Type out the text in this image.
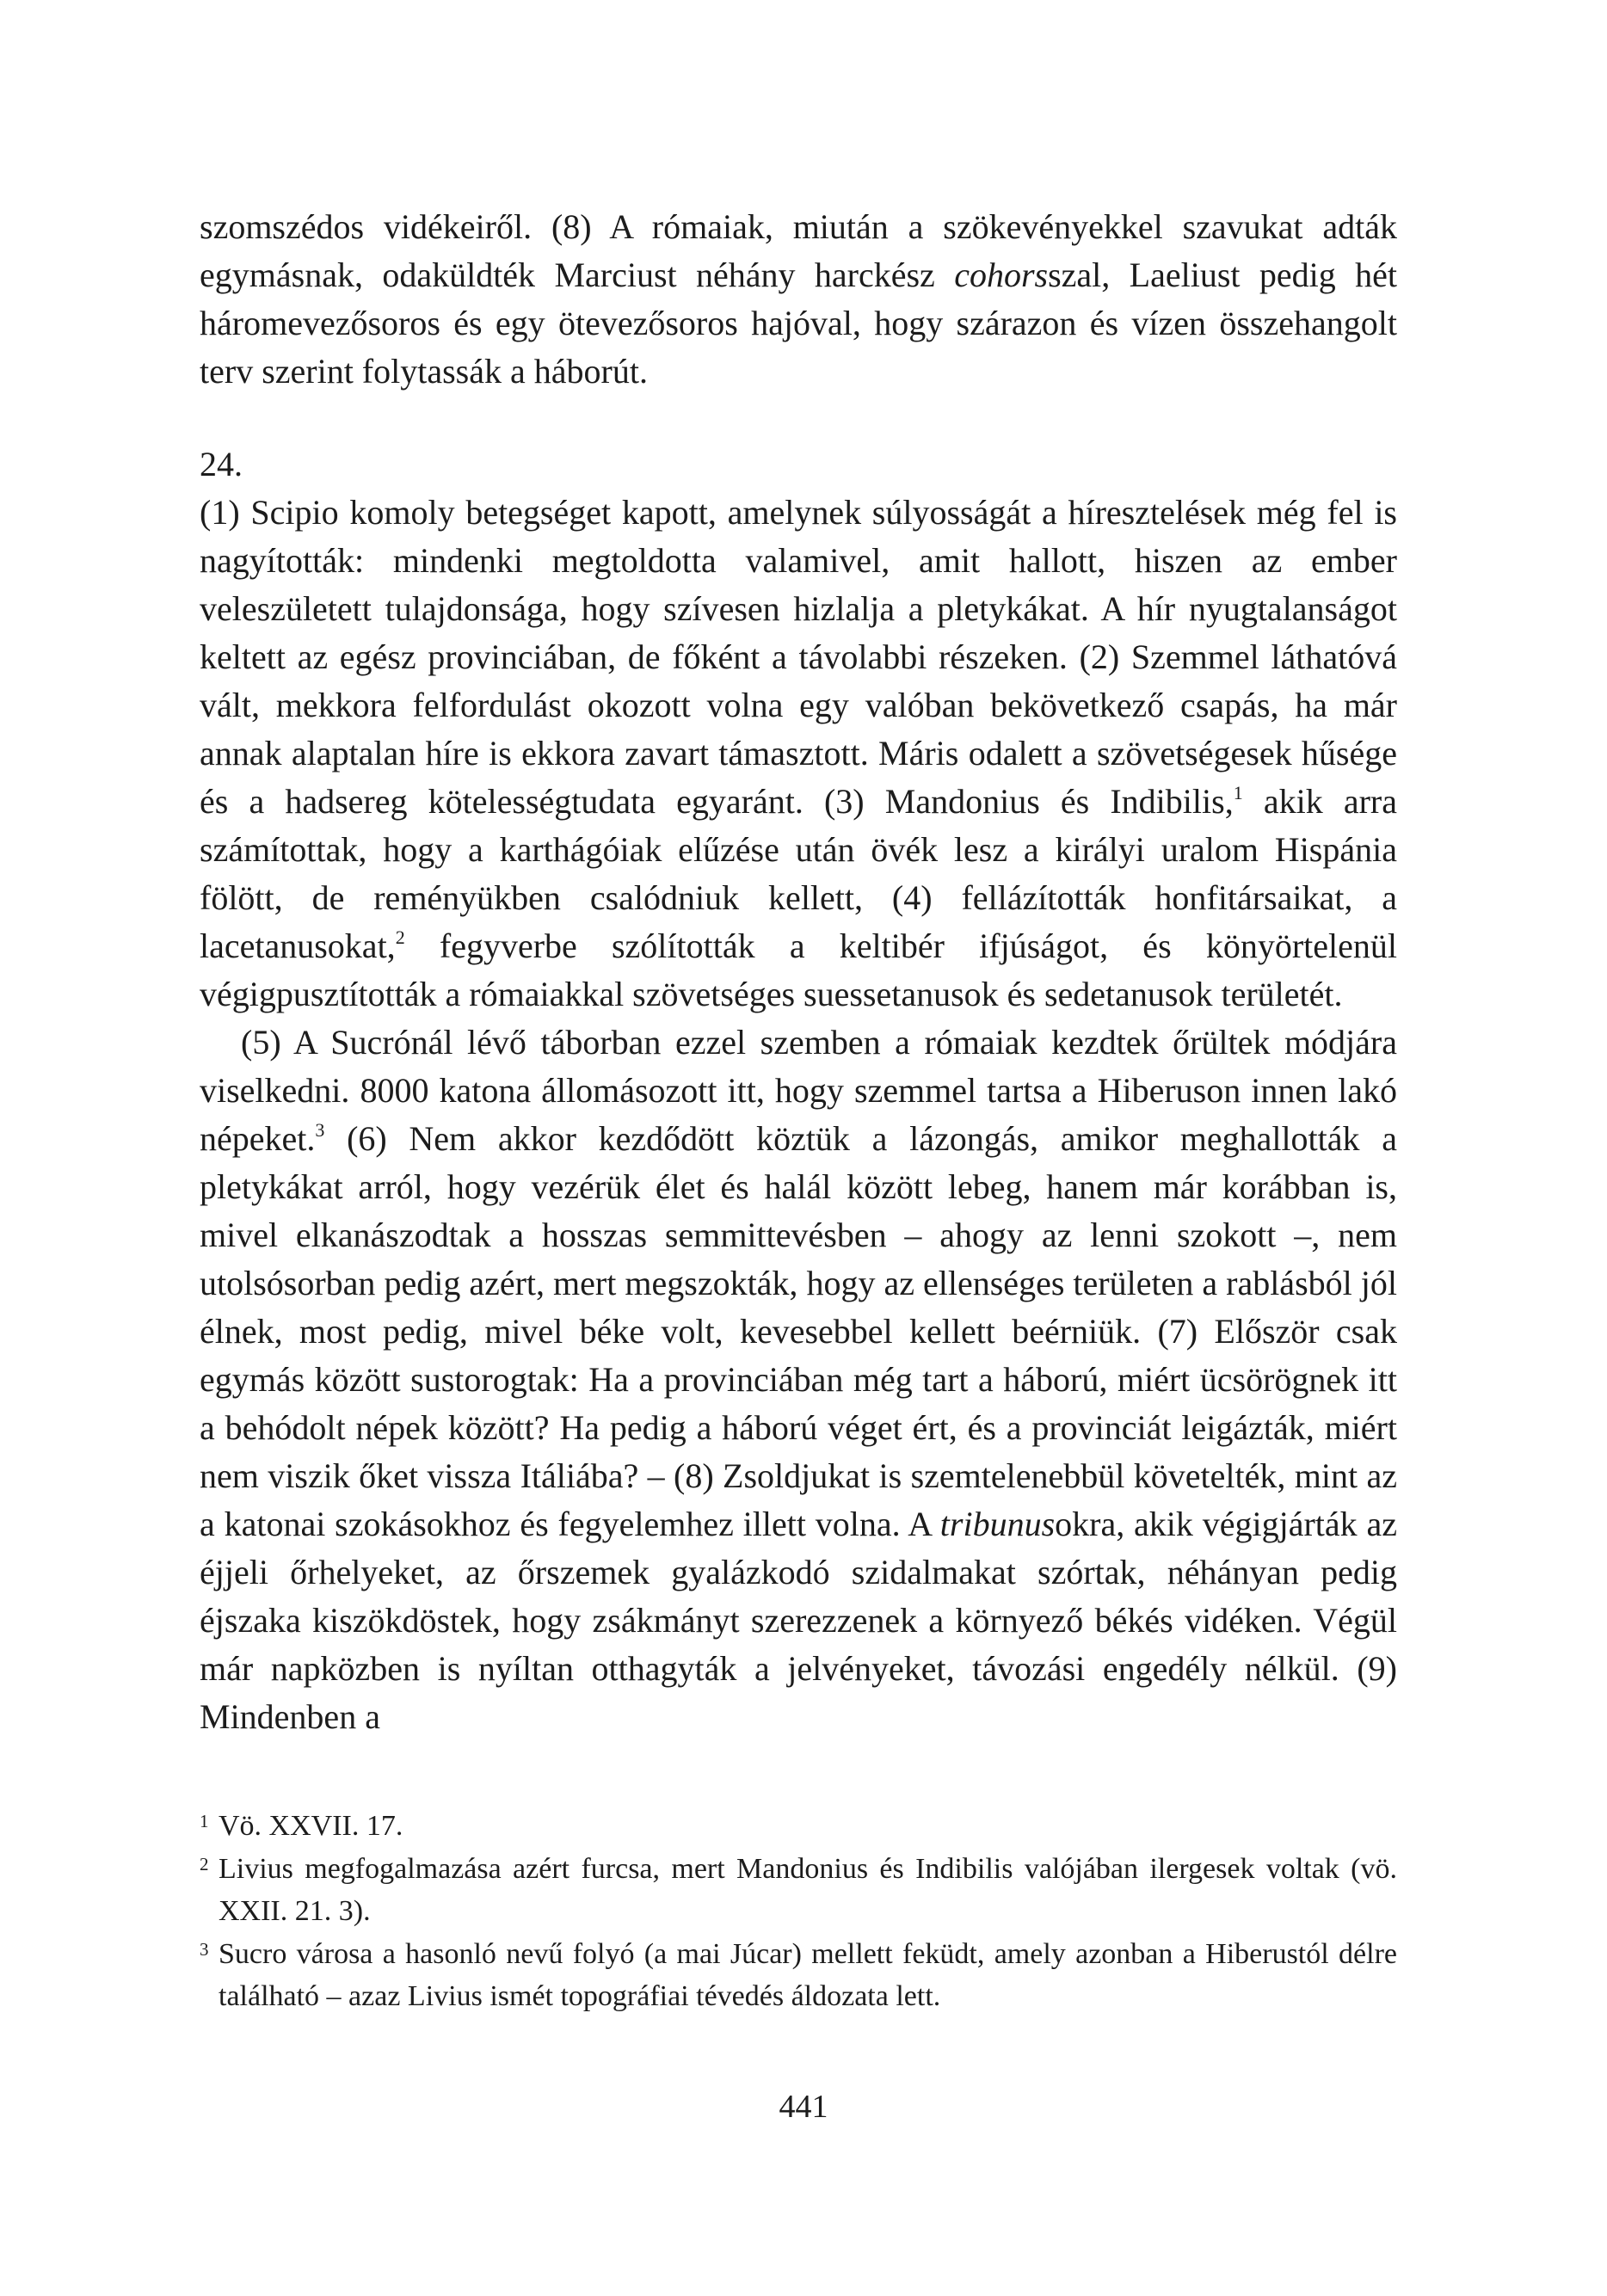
szomszédos vidékeiről. (8) A rómaiak, miután a szökevényekkel szavukat adták egymásnak, odaküldték Marciust néhány harckész cohorsszal, Laeliust pedig hét háromevezősoros és egy ötevezősoros hajóval, hogy szárazon és vízen összehangolt terv szerint folytassák a háborút.

24.

(1) Scipio komoly betegséget kapott, amelynek súlyosságát a híresztelések még fel is nagyították: mindenki megtoldotta valamivel, amit hallott, hiszen az ember veleszületett tulajdonsága, hogy szívesen hizlalja a pletykákat. A hír nyugtalanságot keltett az egész provinciában, de főként a távolabbi részeken. (2) Szemmel láthatóvá vált, mekkora felfordulást okozott volna egy valóban bekövetkező csapás, ha már annak alaptalan híre is ekkora zavart támasztott. Máris odalett a szövetségesek hűsége és a hadsereg kötelességtudata egyaránt. (3) Mandonius és Indibilis,$^1$ akik arra számítottak, hogy a karthágóiak elűzése után övék lesz a királyi uralom Hispánia fölött, de reményükben csalódniuk kellett, (4) fellázították honfitársaikat, a lacetanusokat,$^2$ fegyverbe szólították a keltibér ifjúságot, és könyörtelenül végigpusztították a rómaiakkal szövetséges suessetanusok és sedetanusok területét.

(5) A Sucrónál lévő táborban ezzel szemben a rómaiak kezdtek őrültek módjára viselkedni. 8000 katona állomásozott itt, hogy szemmel tartsa a Hiberuson innen lakó népeket.$^3$ (6) Nem akkor kezdődött köztük a lázongás, amikor meghallották a pletykákat arról, hogy vezérük élet és halál között lebeg, hanem már korábban is, mivel elkanászodtak a hosszas semmittevésben – ahogy az lenni szokott –, nem utolsósorban pedig azért, mert megszokták, hogy az ellenséges területen a rablásból jól élnek, most pedig, mivel béke volt, kevesebbel kellett beérniük. (7) Először csak egymás között sustorogtak: Ha a provinciában még tart a háború, miért ücsörögnek itt a behódolt népek között? Ha pedig a háború véget ért, és a provinciát leigázták, miért nem viszik őket vissza Itáliába? – (8) Zsoldjukat is szemtelenebbül követelték, mint az a katonai szokásokhoz és fegyelemhez illett volna. A tribunusokra, akik végigjárták az éjjeli őrhelyeket, az őrszemek gyalázkodó szidalmakat szórtak, néhányan pedig éjszaka kiszökdöstek, hogy zsákmányt szerezzenek a környező békés vidéken. Végül már napközben is nyíltan otthagyták a jelvényeket, távozási engedély nélkül. (9) Mindenben a

1 Vö. XXVII. 17.
2 Livius megfogalmazása azért furcsa, mert Mandonius és Indibilis valójában ilergesek voltak (vö. XXII. 21. 3).
3 Sucro városa a hasonló nevű folyó (a mai Júcar) mellett feküdt, amely azonban a Hiberustól délre található – azaz Livius ismét topográfiai tévedés áldozata lett.
441
